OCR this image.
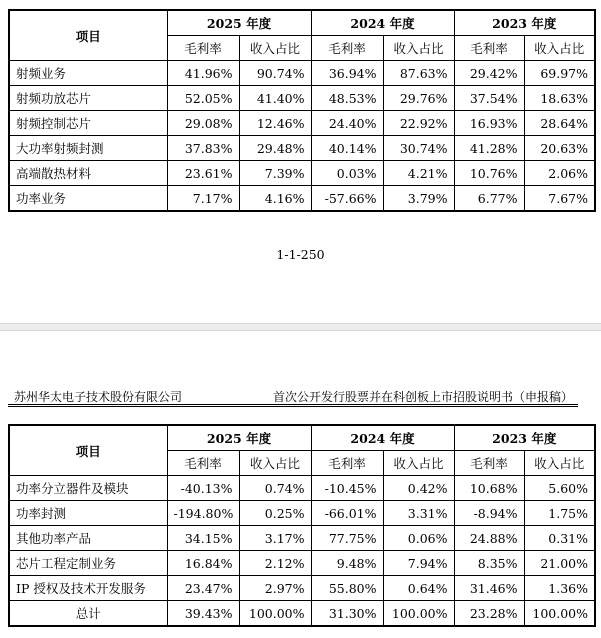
项目	2025 年度		2024 年度		2023 年度	
	毛利率	收入占比	毛利率	收入占比	毛利率	收入占比
射频业务	41.96%	90.74%	36.94%	87.63%	29.42%	69.97%
射频功放芯片	52.05%	41.40%	48.53%	29.76%	37.54%	18.63%
射频控制芯片	29.08%	12.46%	24.40%	22.92%	16.93%	28.64%
大功率射频封测	37.83%	29.48%	40.14%	30.74%	41.28%	20.63%
高端散热材料	23.61%	7.39%	0.03%	4.21%	10.76%	2.06%
功率业务	7.17%	4.16%	-57.66%	3.79%	6.77%	7.67%
1-1-250
苏州华太电子技术股份有限公司	首次公开发行股票并在科创板上市招股说明书（申报稿）
项目	2025 年度		2024 年度		2023 年度	
	毛利率	收入占比	毛利率	收入占比	毛利率	收入占比
功率分立器件及模块	-40.13%	0.74%	-10.45%	0.42%	10.68%	5.60%
功率封测	-194.80%	0.25%	-66.01%	3.31%	-8.94%	1.75%
其他功率产品	34.15%	3.17%	77.75%	0.06%	24.88%	0.31%
芯片工程定制业务	16.84%	2.12%	9.48%	7.94%	8.35%	21.00%
IP 授权及技术开发服务	23.47%	2.97%	55.80%	0.64%	31.46%	1.36%
总计	39.43%	100.00%	31.30%	100.00%	23.28%	100.00%
